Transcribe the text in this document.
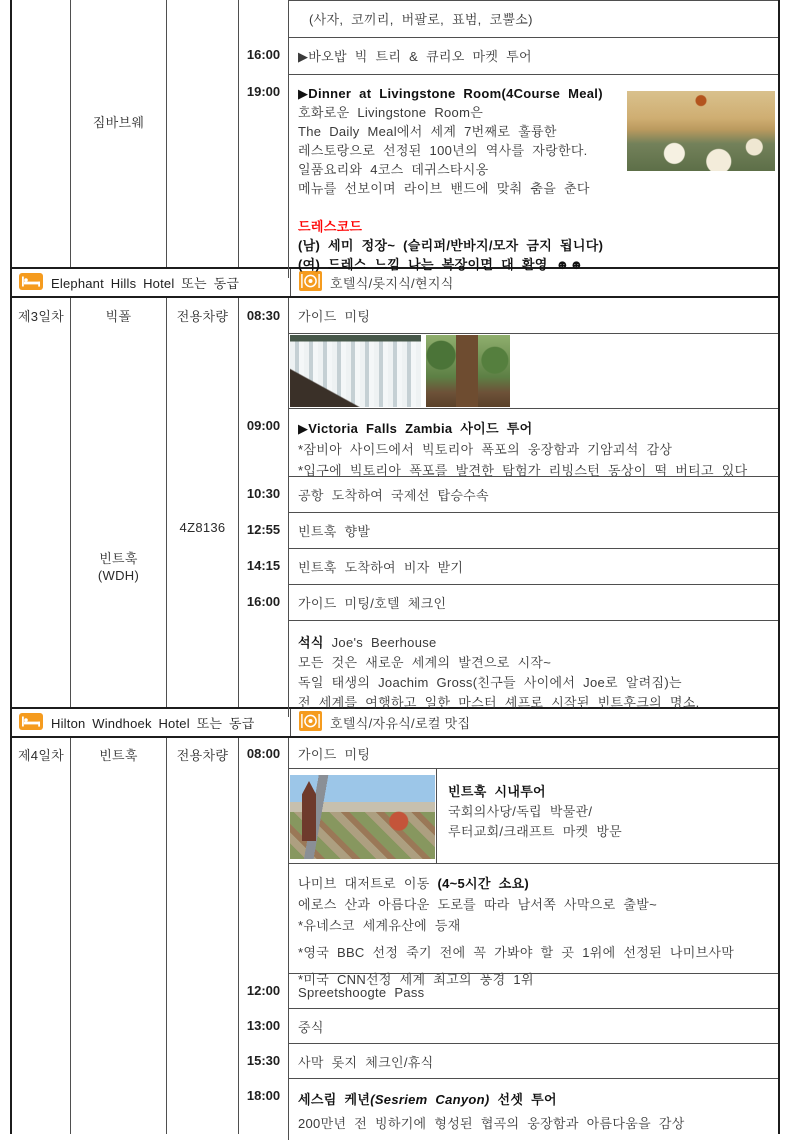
짐바브웨
(사자, 코끼리, 버팔로, 표범, 코뿔소)
16:00	▶바오밥 빅 트리 & 큐리오 마켓 투어
19:00	▶Dinner at Livingstone Room(4Course Meal)
호화로운 Livingstone Room은
The Daily Meal에서 세계 7번째로 훌륭한
레스토랑으로 선정된 100년의 역사를 자랑한다.
일품요리와 4코스 데귀스타시옹
메뉴를 선보이며 라이브 밴드에 맞춰 춤을 춘다
드레스코드
(남) 세미 정장~ (슬리퍼/반바지/모자 금지 됩니다)
(여) 드레스 느낌 나는 복장이면 대 환영 ☻☻
Elephant Hills Hotel 또는 동급	호텔식/롯지식/현지식
제3일차	빅폴
빈트훅
(WDH)
전용차량
4Z8136
08:30	가이드 미팅
09:00	▶Victoria Falls Zambia 사이드 투어
*잠비아 사이드에서 빅토리아 폭포의 웅장함과 기암괴석 감상
*입구에 빅토리아 폭포를 발견한 탐험가 리빙스턴 동상이 떡 버티고 있다
10:30	공항 도착하여 국제선 탑승수속
12:55	빈트훅 향발
14:15	빈트훅 도착하여 비자 받기
16:00	가이드 미팅/호텔 체크인
석식 Joe's Beerhouse
모든 것은 새로운 세계의 발견으로 시작~
독일 태생의 Joachim Gross(친구들 사이에서 Joe로 알려짐)는
전 세계를 여행하고 일한 마스터 셰프로 시작된 빈트후크의 명소.
Hilton Windhoek Hotel 또는 동급	호텔식/자유식/로컬 맛집
제4일차	빈트훅	전용차량	08:00	가이드 미팅
빈트훅 시내투어
국회의사당/독립 박물관/
루터교회/크래프트 마켓 방문
나미브 대저트로 이동 (4~5시간 소요)
에로스 산과 아름다운 도로를 따라 남서쪽 사막으로 출발~
*유네스코 세계유산에 등재
*영국 BBC 선정 죽기 전에 꼭 가봐야 할 곳 1위에 선정된 나미브사막
*미국 CNN선정 세계 최고의 풍경 1위
12:00	Spreetshoogte Pass
13:00	중식
15:30	사막 롯지 체크인/휴식
18:00	세스림 케년(Sesriem Canyon) 선셋 투어
200만년 전 빙하기에 형성된 협곡의 웅장함과 아름다움을 감상
